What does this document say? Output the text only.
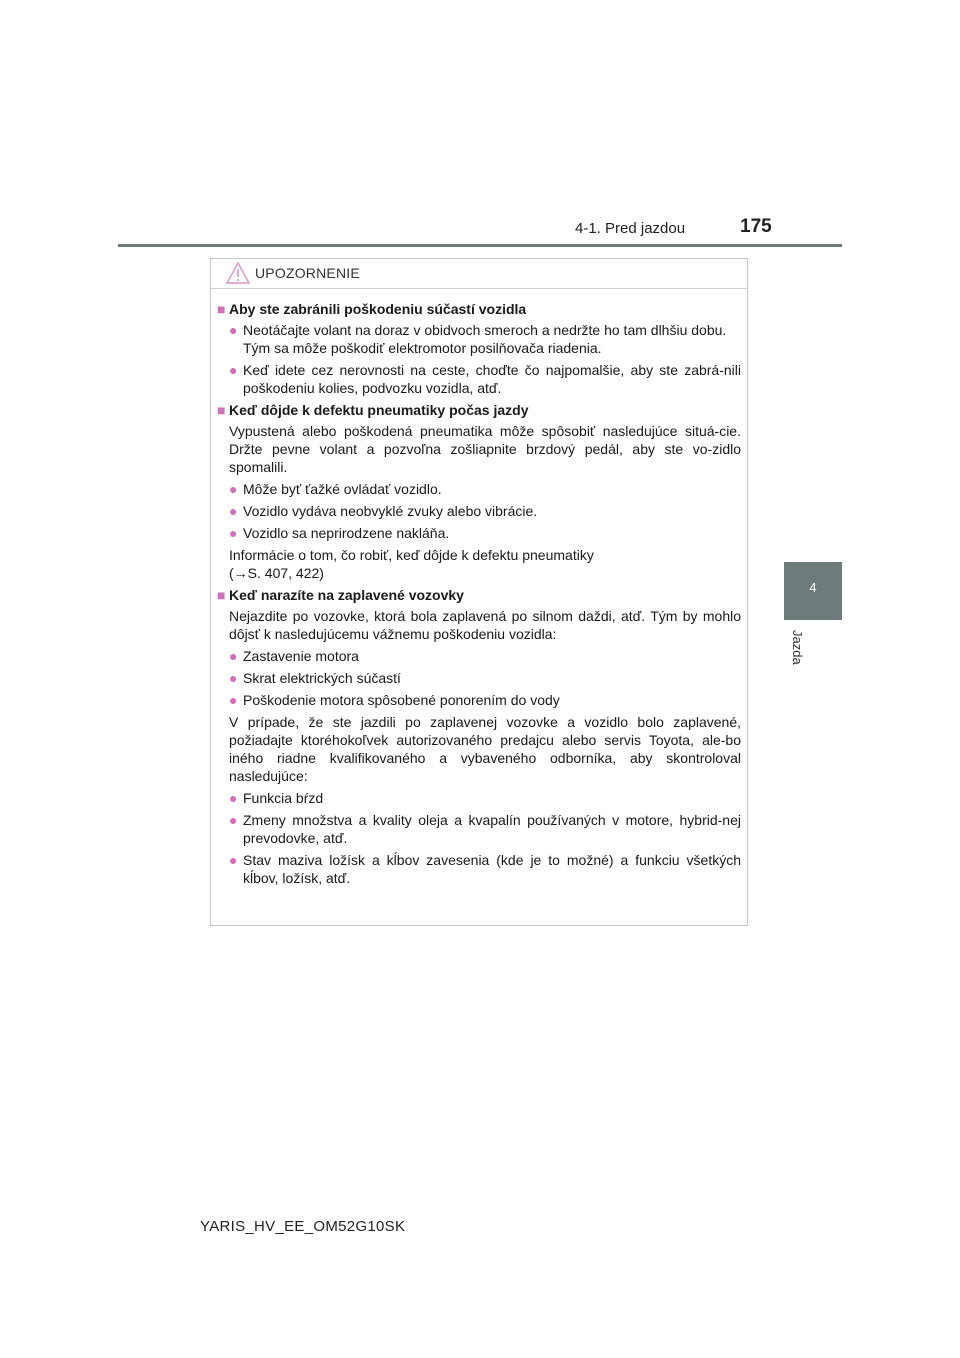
4-1. Pred jazdou	175
4
Jazda
UPOZORNENIE
■ Aby ste zabránili poškodeniu súčastí vozidla
● Neotáčajte volant na doraz v obidvoch smeroch a nedržte ho tam dlhšiu dobu.
Tým sa môže poškodiť elektromotor posilňovača riadenia.
● Keď idete cez nerovnosti na ceste, choďte čo najpomalšie, aby ste zabrá-nili poškodeniu kolies, podvozku vozidla, atď.
■ Keď dôjde k defektu pneumatiky počas jazdy
Vypustená alebo poškodená pneumatika môže spôsobiť nasledujúce situá-cie. Držte pevne volant a pozvoľna zošliapnite brzdový pedál, aby ste vo-zidlo spomalili.
● Môže byť ťažké ovládať vozidlo.
● Vozidlo vydáva neobvyklé zvuky alebo vibrácie.
● Vozidlo sa neprirodzene nakláňa.
Informácie o tom, čo robiť, keď dôjde k defektu pneumatiky
(→S. 407, 422)
■ Keď narazíte na zaplavené vozovky
Nejazdite po vozovke, ktorá bola zaplavená po silnom daždi, atď. Tým by mohlo dôjsť k nasledujúcemu vážnemu poškodeniu vozidla:
● Zastavenie motora
● Skrat elektrických súčastí
● Poškodenie motora spôsobené ponorením do vody
V prípade, že ste jazdili po zaplavenej vozovke a vozidlo bolo zaplavené, požiadajte ktoréhokoľvek autorizovaného predajcu alebo servis Toyota, ale-bo iného riadne kvalifikovaného a vybaveného odborníka, aby skontroloval nasledujúce:
● Funkcia bŕzd
● Zmeny množstva a kvality oleja a kvapalín používaných v motore, hybrid-nej prevodovke, atď.
● Stav maziva ložísk a kĺbov zavesenia (kde je to možné) a funkciu všetkých kĺbov, ložísk, atď.
YARIS_HV_EE_OM52G10SK
